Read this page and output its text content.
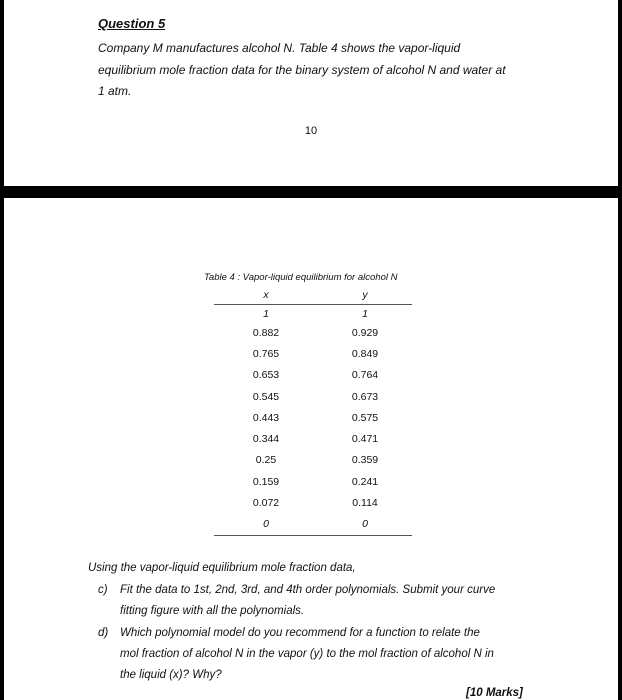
Question 5
Company M manufactures alcohol N. Table 4 shows the vapor-liquid
equilibrium mole fraction data for the binary system of alcohol N and water at
1 atm.
10
Table 4 : Vapor-liquid equilibrium for alcohol N
x	y
1	1
0.882	0.929
0.765	0.849
0.653	0.764
0.545	0.673
0.443	0.575
0.344	0.471
0.25	0.359
0.159	0.241
0.072	0.114
0	0
Using the vapor-liquid equilibrium mole fraction data,
c) Fit the data to 1st, 2nd, 3rd, and 4th order polynomials. Submit your curve
fitting figure with all the polynomials.
d) Which polynomial model do you recommend for a function to relate the
mol fraction of alcohol N in the vapor (y) to the mol fraction of alcohol N in
the liquid (x)? Why?
[10 Marks]
